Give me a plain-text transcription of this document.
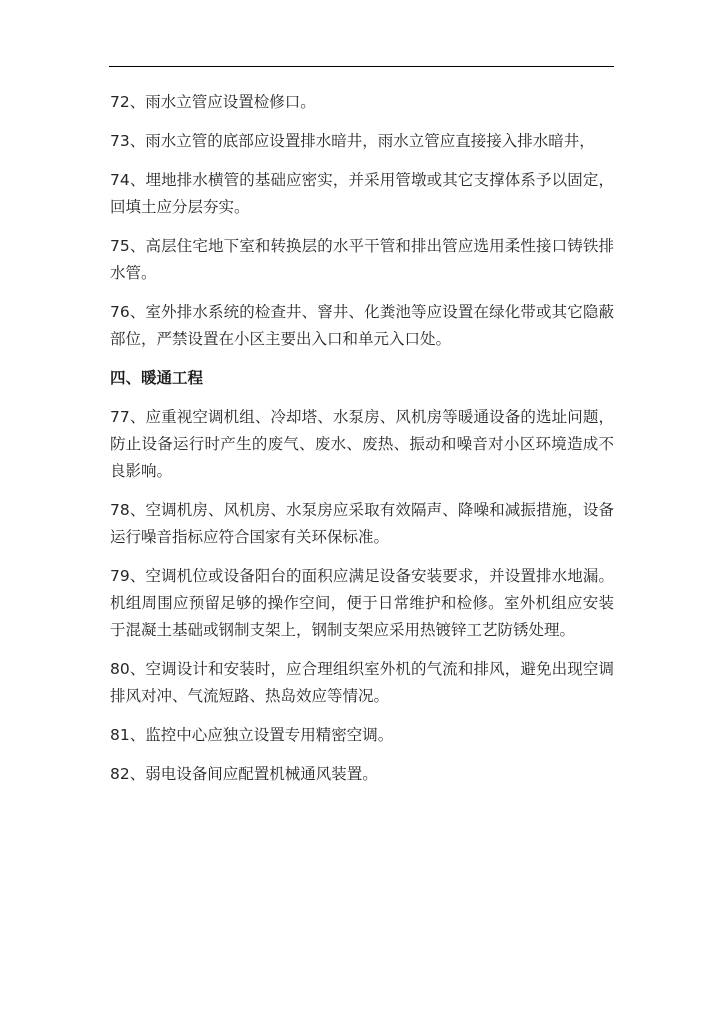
72、雨水立管应设置检修口。

73、雨水立管的底部应设置排水暗井，雨水立管应直接接入排水暗井，

74、埋地排水横管的基础应密实，并采用管墩或其它支撑体系予以固定，回填土应分层夯实。

75、高层住宅地下室和转换层的水平干管和排出管应选用柔性接口铸铁排水管。

76、室外排水系统的检查井、窨井、化粪池等应设置在绿化带或其它隐蔽部位，严禁设置在小区主要出入口和单元入口处。

四、暖通工程

77、应重视空调机组、冷却塔、水泵房、风机房等暖通设备的选址问题，防止设备运行时产生的废气、废水、废热、振动和噪音对小区环境造成不良影响。

78、空调机房、风机房、水泵房应采取有效隔声、降噪和减振措施，设备运行噪音指标应符合国家有关环保标准。

79、空调机位或设备阳台的面积应满足设备安装要求，并设置排水地漏。机组周围应预留足够的操作空间，便于日常维护和检修。室外机组应安装于混凝土基础或钢制支架上，钢制支架应采用热镀锌工艺防锈处理。

80、空调设计和安装时，应合理组织室外机的气流和排风，避免出现空调排风对冲、气流短路、热岛效应等情况。

81、监控中心应独立设置专用精密空调。

82、弱电设备间应配置机械通风装置。
